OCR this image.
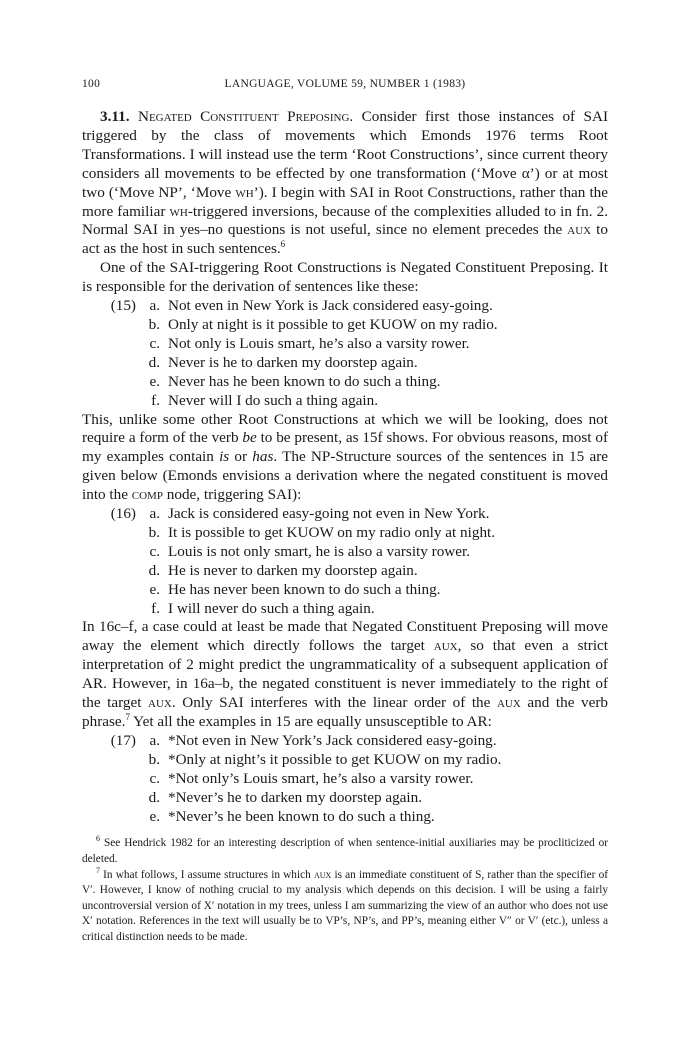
100	LANGUAGE, VOLUME 59, NUMBER 1 (1983)

3.11. Negated Constituent Preposing. Consider first those instances of SAI triggered by the class of movements which Emonds 1976 terms Root Transformations. I will instead use the term ‘Root Constructions’, since current theory considers all movements to be effected by one transformation (‘Move α’) or at most two (‘Move NP’, ‘Move wh’). I begin with SAI in Root Constructions, rather than the more familiar wh-triggered inversions, because of the complexities alluded to in fn. 2. Normal SAI in yes–no questions is not useful, since no element precedes the aux to act as the host in such sentences.$^6$

One of the SAI-triggering Root Constructions is Negated Constituent Preposing. It is responsible for the derivation of sentences like these:

(15) a. Not even in New York is Jack considered easy-going.
b. Only at night is it possible to get KUOW on my radio.
c. Not only is Louis smart, he’s also a varsity rower.
d. Never is he to darken my doorstep again.
e. Never has he been known to do such a thing.
f. Never will I do such a thing again.

This, unlike some other Root Constructions at which we will be looking, does not require a form of the verb be to be present, as 15f shows. For obvious reasons, most of my examples contain is or has. The NP-Structure sources of the sentences in 15 are given below (Emonds envisions a derivation where the negated constituent is moved into the comp node, triggering SAI):

(16) a. Jack is considered easy-going not even in New York.
b. It is possible to get KUOW on my radio only at night.
c. Louis is not only smart, he is also a varsity rower.
d. He is never to darken my doorstep again.
e. He has never been known to do such a thing.
f. I will never do such a thing again.

In 16c–f, a case could at least be made that Negated Constituent Preposing will move away the element which directly follows the target aux, so that even a strict interpretation of 2 might predict the ungrammaticality of a subsequent application of AR. However, in 16a–b, the negated constituent is never immediately to the right of the target aux. Only SAI interferes with the linear order of the aux and the verb phrase.$^7$ Yet all the examples in 15 are equally unsusceptible to AR:

(17) a. *Not even in New York’s Jack considered easy-going.
b. *Only at night’s it possible to get KUOW on my radio.
c. *Not only’s Louis smart, he’s also a varsity rower.
d. *Never’s he to darken my doorstep again.
e. *Never’s he been known to do such a thing.

$^6$ See Hendrick 1982 for an interesting description of when sentence-initial auxiliaries may be procliticized or deleted.

$^7$ In what follows, I assume structures in which aux is an immediate constituent of S, rather than the specifier of V′. However, I know of nothing crucial to my analysis which depends on this decision. I will be using a fairly uncontroversial version of X′ notation in my trees, unless I am summarizing the view of an author who does not use X′ notation. References in the text will usually be to VP’s, NP’s, and PP’s, meaning either V″ or V′ (etc.), unless a critical distinction needs to be made.
